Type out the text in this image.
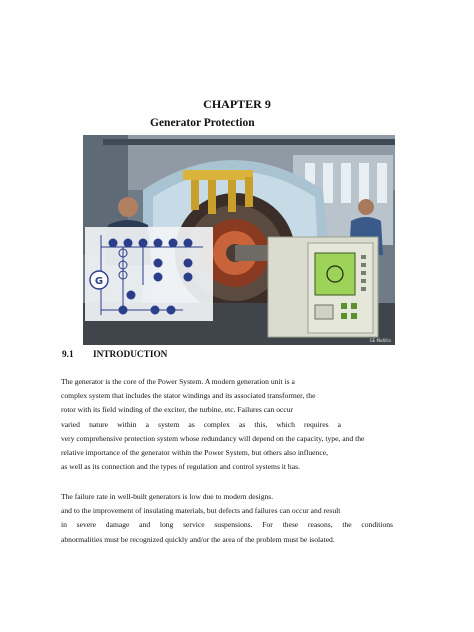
CHAPTER 9
Generator Protection
G
GE Multilin
9.1 INTRODUCTION
The generator is the core of the Power System. A modern generation unit is a
complex system that includes the stator windings and its associated transformer, the
rotor with its field winding of the exciter, the turbine, etc. Failures can occur
varied nature within a system as complex as this, which requires a
very comprehensive protection system whose redundancy will depend on the capacity, type, and the
relative importance of the generator within the Power System, but others also influence,
as well as its connection and the types of regulation and control systems it has.
The failure rate in well-built generators is low due to modern designs.
and to the improvement of insulating materials, but defects and failures can occur and result
in severe damage and long service suspensions. For these reasons, the conditions
abnormalities must be recognized quickly and/or the area of the problem must be isolated.
